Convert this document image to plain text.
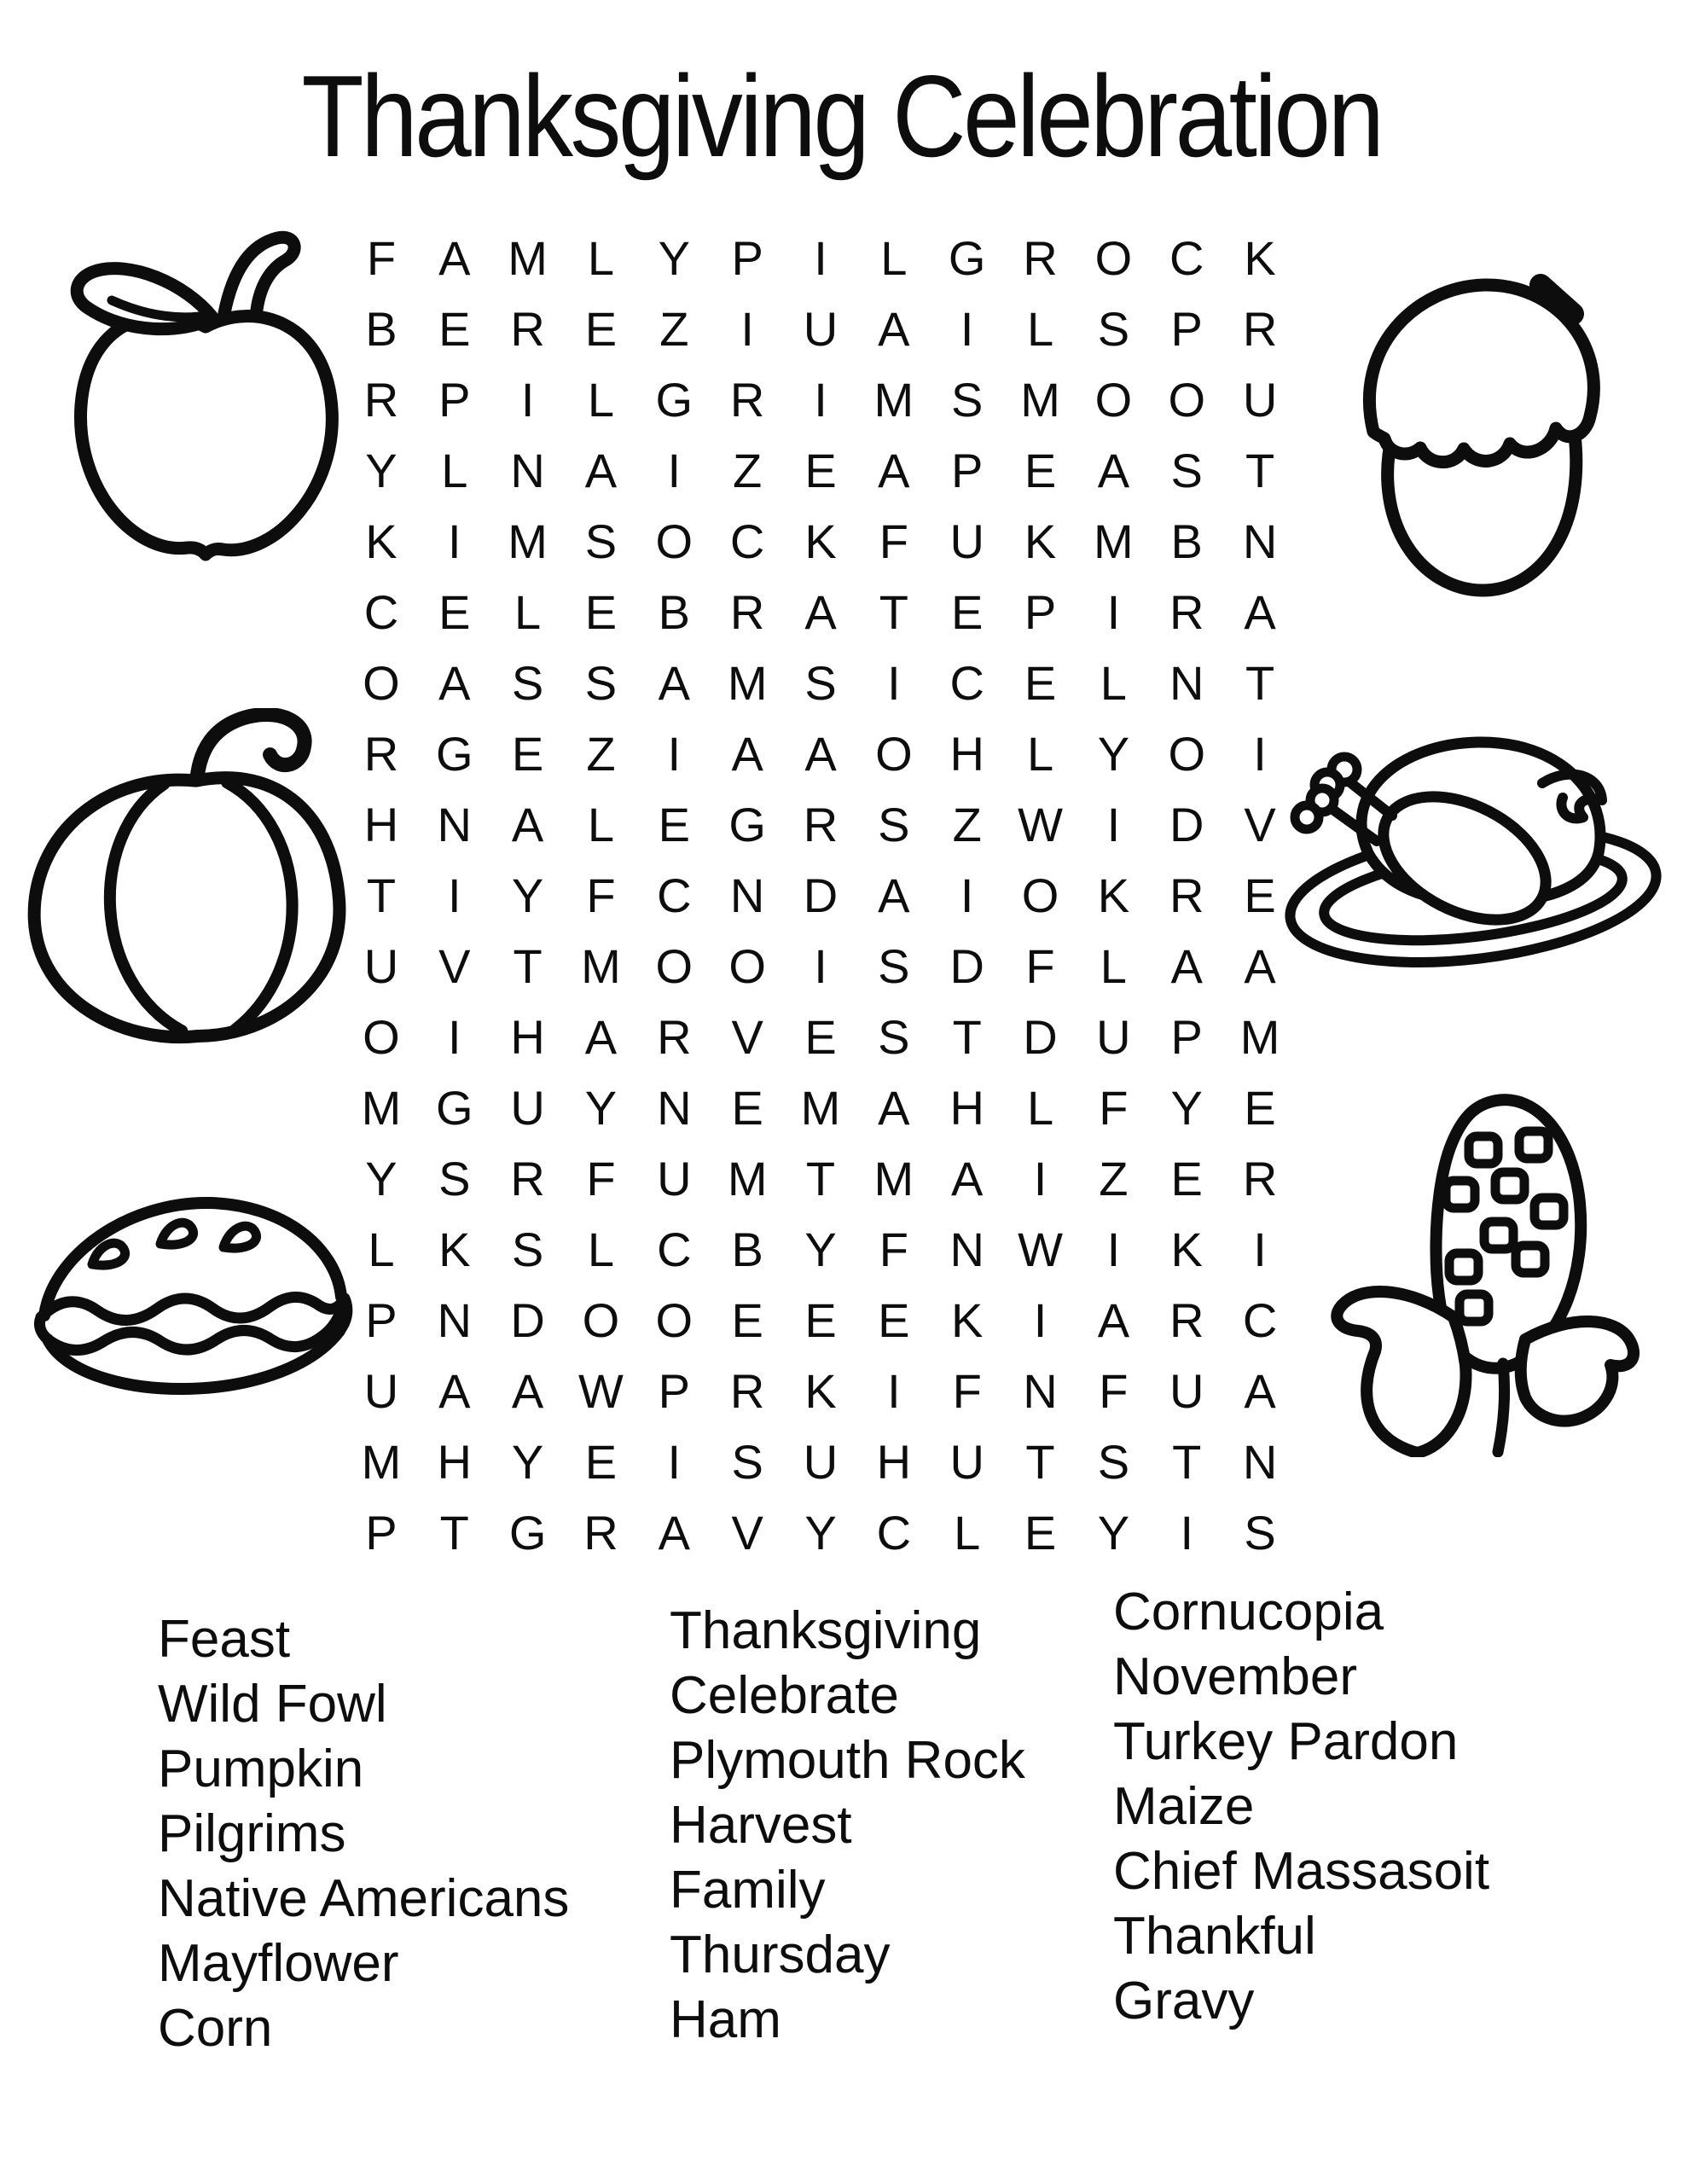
Thanksgiving Celebration
F A M L Y P I L G R O C K
B E R E Z I U A I L S P R
R P I L G R I M S M O O U
Y L N A I Z E A P E A S T
K I M S O C K F U K M B N
C E L E B R A T E P I R A
O A S S A M S I C E L N T
R G E Z I A A O H L Y O I
H N A L E G R S Z W I D V
T I Y F C N D A I O K R E
U V T M O O I S D F L A A
O I H A R V E S T D U P M
M G U Y N E M A H L F Y E
Y S R F U M T M A I Z E R
L K S L C B Y F N W I K I
P N D O O E E E K I A R C
U A A W P R K I F N F U A
M H Y E I S U H U T S T N
P T G R A V Y C L E Y I S
Feast
Wild Fowl
Pumpkin
Pilgrims
Native Americans
Mayflower
Corn
Thanksgiving
Celebrate
Plymouth Rock
Harvest
Family
Thursday
Ham
Cornucopia
November
Turkey Pardon
Maize
Chief Massasoit
Thankful
Gravy
